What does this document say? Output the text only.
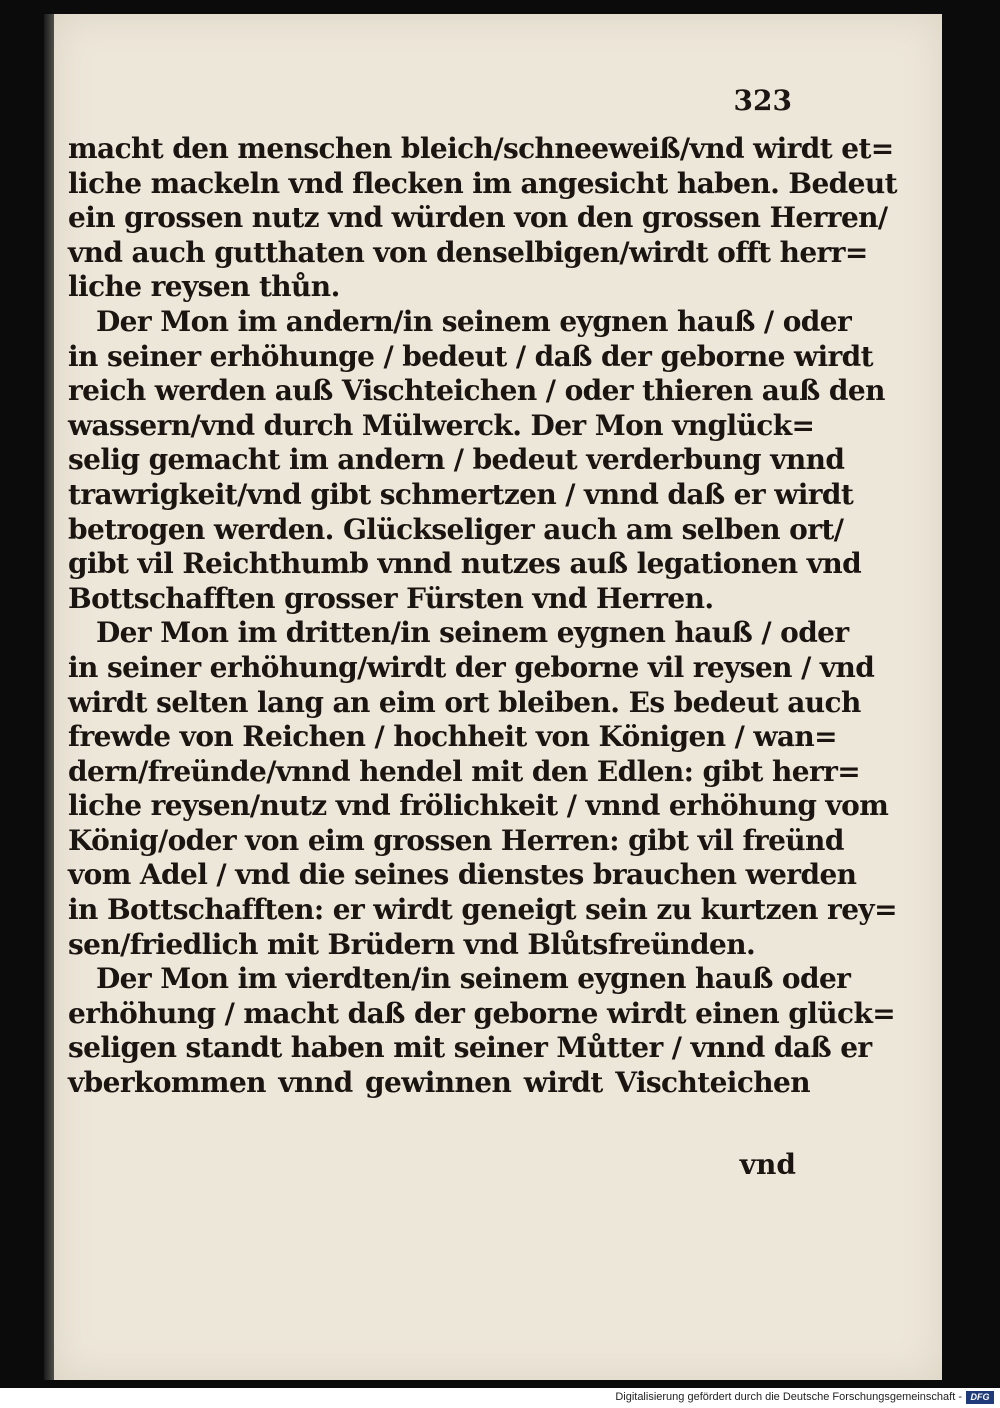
323
macht den menschen bleich/schneeweiß/vnd wirdt et=
liche mackeln vnd flecken im angesicht haben. Bedeut
ein grossen nutz vnd würden von den grossen Herren/
vnd auch gutthaten von denselbigen/wirdt offt herr=
liche reysen thůn.
Der Mon im andern/in seinem eygnen hauß / oder
in seiner erhöhunge / bedeut / daß der geborne wirdt
reich werden auß Vischteichen / oder thieren auß den
wassern/vnd durch Mülwerck. Der Mon vnglück=
selig gemacht im andern / bedeut verderbung vnnd
trawrigkeit/vnd gibt schmertzen / vnnd daß er wirdt
betrogen werden. Glückseliger auch am selben ort/
gibt vil Reichthumb vnnd nutzes auß legationen vnd
Bottschafften grosser Fürsten vnd Herren.
Der Mon im dritten/in seinem eygnen hauß / oder
in seiner erhöhung/wirdt der geborne vil reysen / vnd
wirdt selten lang an eim ort bleiben. Es bedeut auch
frewde von Reichen / hochheit von Königen / wan=
dern/freünde/vnnd hendel mit den Edlen: gibt herr=
liche reysen/nutz vnd frölichkeit / vnnd erhöhung vom
König/oder von eim grossen Herren: gibt vil freünd
vom Adel / vnd die seines dienstes brauchen werden
in Bottschafften: er wirdt geneigt sein zu kurtzen rey=
sen/friedlich mit Brüdern vnd Blůtsfreünden.
Der Mon im vierdten/in seinem eygnen hauß oder
erhöhung / macht daß der geborne wirdt einen glück=
seligen standt haben mit seiner Můtter / vnnd daß er
vberkommen vnnd gewinnen wirdt Vischteichen
vnd
Digitalisierung gefördert durch die Deutsche Forschungsgemeinschaft - DFG
